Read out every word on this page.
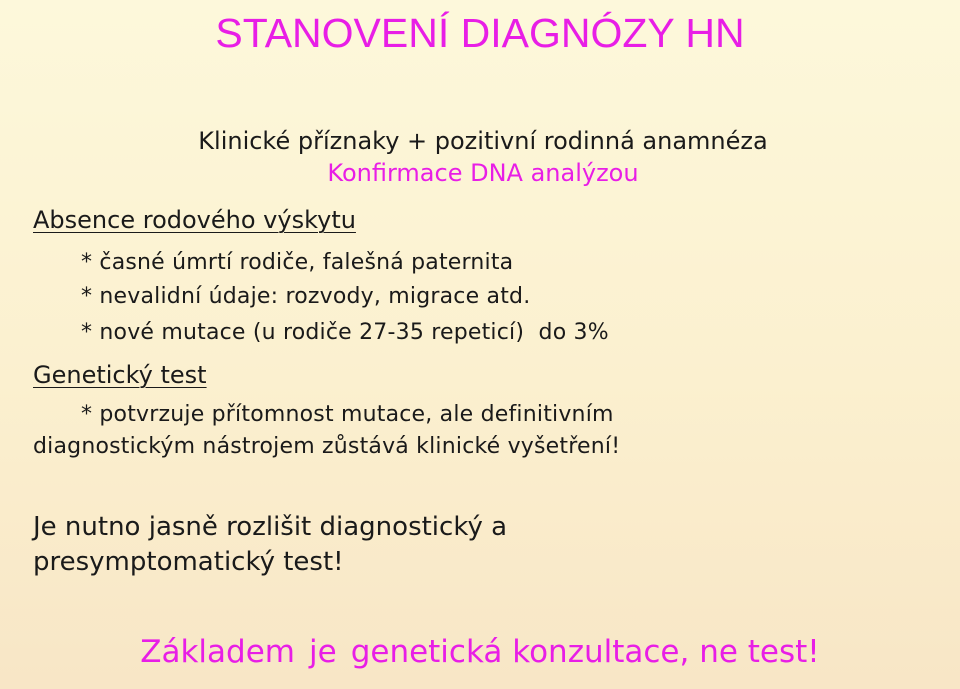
STANOVENÍ DIAGNÓZY HN
Klinické příznaky + pozitivní rodinná anamnéza
Konfirmace DNA analýzou
Absence rodového výskytu
* časné úmrtí rodiče, falešná paternita
* nevalidní údaje: rozvody, migrace atd.
* nové mutace (u rodiče 27-35 repeticí)  do 3%
Genetický test
* potvrzuje přítomnost mutace, ale definitivním
diagnostickým nástrojem zůstává klinické vyšetření!
Je nutno jasně rozlišit diagnostický a
presymptomatický test!
Základem je genetická konzultace, ne test!
